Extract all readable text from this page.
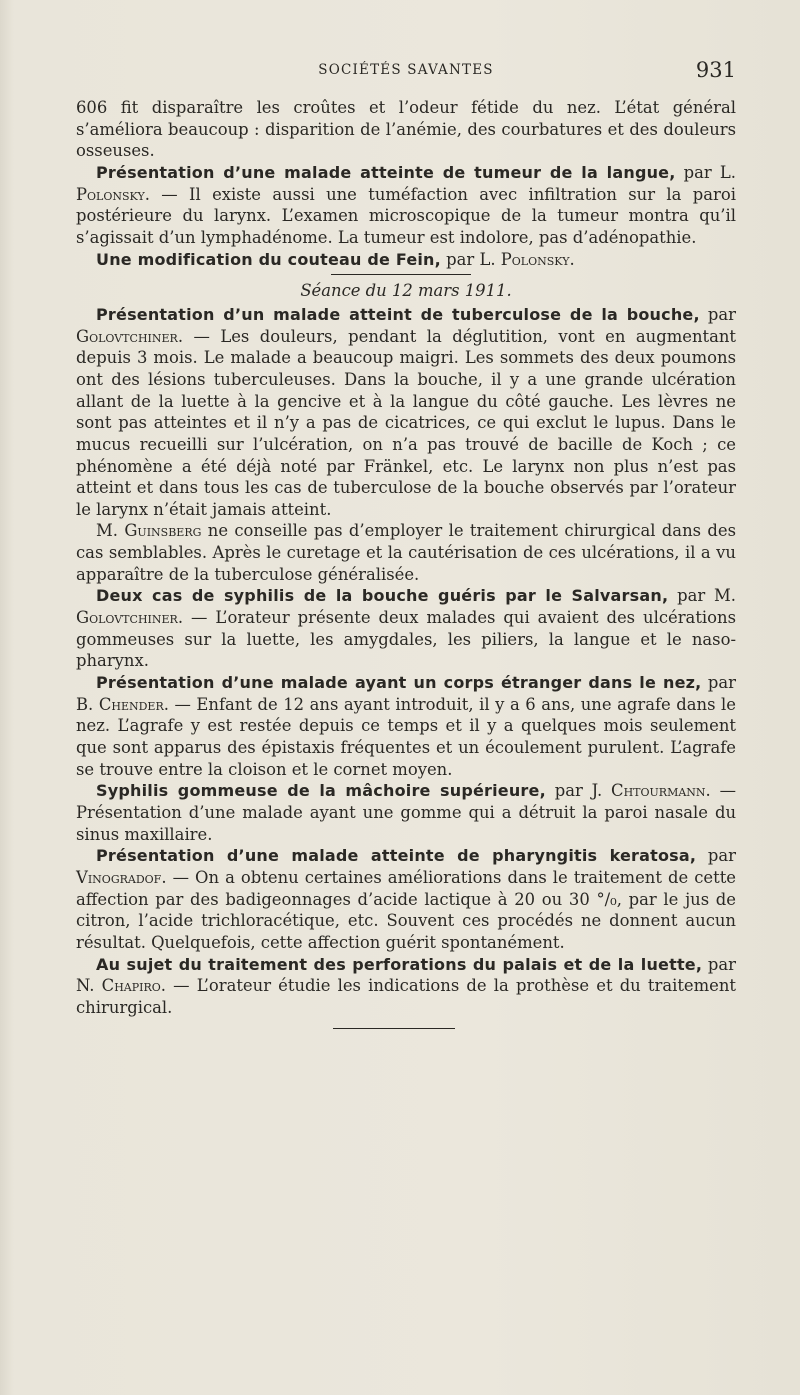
SOCIÉTÉS SAVANTES	931

606 fit disparaître les croûtes et l’odeur fétide du nez. L’état général s’améliora beaucoup : disparition de l’anémie, des courbatures et des douleurs osseuses.

Présentation d’une malade atteinte de tumeur de la langue, par L. Polonsky. — Il existe aussi une tuméfaction avec infiltration sur la paroi postérieure du larynx. L’examen microscopique de la tumeur montra qu’il s’agissait d’un lymphadénome. La tumeur est indolore, pas d’adénopathie.

Une modification du couteau de Fein, par L. Polonsky.

Séance du 12 mars 1911.

Présentation d’un malade atteint de tuberculose de la bouche, par Golovtchiner. — Les douleurs, pendant la déglutition, vont en augmentant depuis 3 mois. Le malade a beaucoup maigri. Les sommets des deux poumons ont des lésions tuberculeuses. Dans la bouche, il y a une grande ulcération allant de la luette à la gencive et à la langue du côté gauche. Les lèvres ne sont pas atteintes et il n’y a pas de cicatrices, ce qui exclut le lupus. Dans le mucus recueilli sur l’ulcération, on n’a pas trouvé de bacille de Koch ; ce phénomène a été déjà noté par Fränkel, etc. Le larynx non plus n’est pas atteint et dans tous les cas de tuberculose de la bouche observés par l’orateur le larynx n’était jamais atteint.

M. Guinsberg ne conseille pas d’employer le traitement chirurgical dans des cas semblables. Après le curetage et la cautérisation de ces ulcérations, il a vu apparaître de la tuberculose généralisée.

Deux cas de syphilis de la bouche guéris par le Salvarsan, par M. Golovtchiner. — L’orateur présente deux malades qui avaient des ulcérations gommeuses sur la luette, les amygdales, les piliers, la langue et le naso-pharynx.

Présentation d’une malade ayant un corps étranger dans le nez, par B. Chender. — Enfant de 12 ans ayant introduit, il y a 6 ans, une agrafe dans le nez. L’agrafe y est restée depuis ce temps et il y a quelques mois seulement que sont apparus des épistaxis fréquentes et un écoulement purulent. L’agrafe se trouve entre la cloison et le cornet moyen.

Syphilis gommeuse de la mâchoire supérieure, par J. Chtourmann. — Présentation d’une malade ayant une gomme qui a détruit la paroi nasale du sinus maxillaire.

Présentation d’une malade atteinte de pharyngitis keratosa, par Vinogradof. — On a obtenu certaines améliorations dans le traitement de cette affection par des badigeonnages d’acide lactique à 20 ou 30 °/₀, par le jus de citron, l’acide trichloracétique, etc. Souvent ces procédés ne donnent aucun résultat. Quelquefois, cette affection guérit spontanément.

Au sujet du traitement des perforations du palais et de la luette, par N. Chapiro. — L’orateur étudie les indications de la prothèse et du traitement chirurgical.
